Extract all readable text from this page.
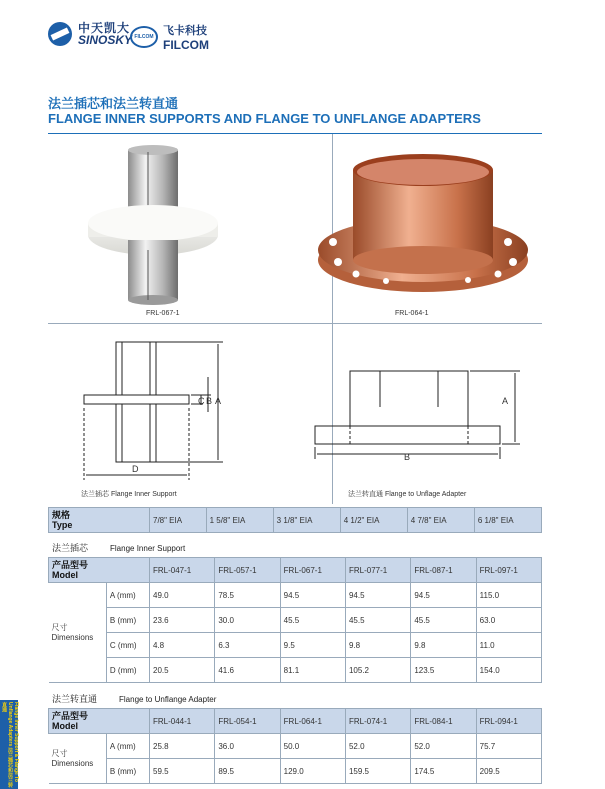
中天凯大
SINOSKY FILCOM 飞卡科技
FILCOM
法兰插芯和法兰转直通
FLANGE INNER SUPPORTS AND FLANGE TO UNFLANGE ADAPTERS
FRL-067-1	FRL-064-1
D
C B A
法兰插芯 Flange Inner Support
A
B
法兰转直通 Flange to Unflage Adapter
规格
Type	7/8" EIA	1 5/8" EIA	3 1/8" EIA	4 1/2" EIA	4 7/8" EIA	6 1/8" EIA
法兰插芯	Flange Inner Support
产品型号
Model		FRL-047-1	FRL-057-1	FRL-067-1	FRL-077-1	FRL-087-1	FRL-097-1
尺寸
Dimensions	A (mm)	49.0	78.5	94.5	94.5	94.5	115.0
	B (mm)	23.6	30.0	45.5	45.5	45.5	63.0
	C (mm)	4.8	6.3	9.5	9.8	9.8	11.0
	D (mm)	20.5	41.6	81.1	105.2	123.5	154.0
法兰转直通	Flange to Unflange Adapter
产品型号
Model		FRL-044-1	FRL-054-1	FRL-064-1	FRL-074-1	FRL-084-1	FRL-094-1
尺寸
Dimensions	A (mm)	25.8	36.0	50.0	52.0	52.0	75.7
	B (mm)	59.5	89.5	129.0	159.5	174.5	209.5
Flange Inner Support & Flange To Unflange Adapters 法兰插芯和法兰转直通
